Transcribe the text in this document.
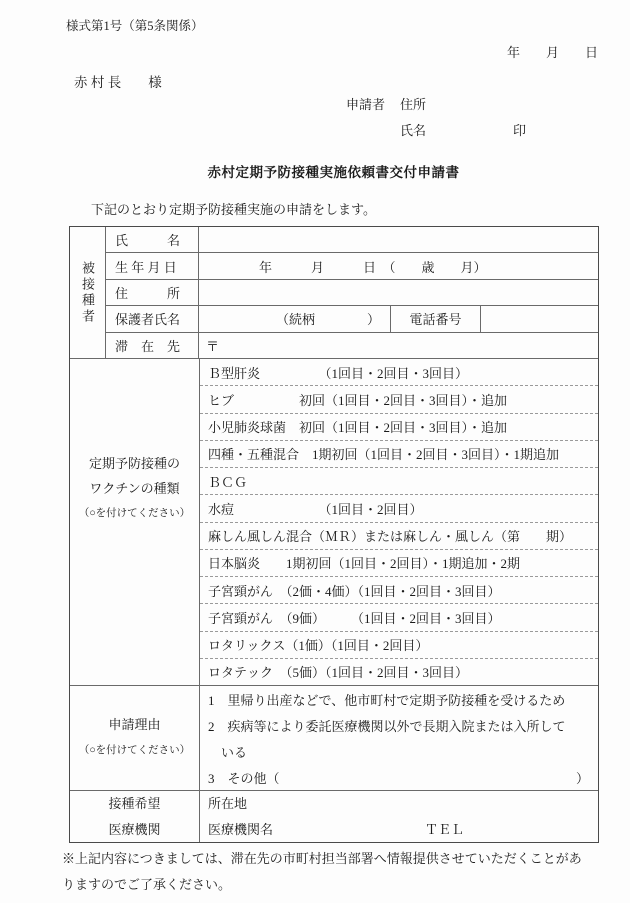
様式第1号（第5条関係）
年　　月　　日
赤 村 長　　様
申請者 住所
氏名	印
赤村定期予防接種実施依頼書交付申請書
下記のとおり定期予防接種実施の申請をします。
被接種者
氏　　　名
生 年 月 日	年　　　月　　　日　（　　歳　　月）
住　　　所
保護者氏名	（続柄　　　　）	電話番号
滞　在　先	〒
定期予防接種の
ワクチンの種類
（○を付けてください）
Ｂ型肝炎　　　　　（1回目・2回目・3回目）
ヒブ　　　　　初回（1回目・2回目・3回目）・追加
小児肺炎球菌　初回（1回目・2回目・3回目）・追加
四種・五種混合　1期初回（1回目・2回目・3回目）・1期追加
ＢＣＧ
水痘　　　　　　　（1回目・2回目）
麻しん風しん混合（ＭＲ）または麻しん・風しん（第　　期）
日本脳炎　　1期初回（1回目・2回目）・1期追加・2期
子宮頸がん　（2価・4価）（1回目・2回目・3回目）
子宮頸がん　（9価）　　　（1回目・2回目・3回目）
ロタリックス（1価）（1回目・2回目）
ロタテック　（5価）（1回目・2回目・3回目）
申請理由
（○を付けてください）
1　里帰り出産などで、他市町村で定期予防接種を受けるため
2　疾病等により委託医療機関以外で長期入院または入所して
　いる
3　その他（	）
接種希望
医療機関
所在地
医療機関名	ＴＥＬ
※上記内容につきましては、滞在先の市町村担当部署へ情報提供させていただくことがあ
りますのでご了承ください。
